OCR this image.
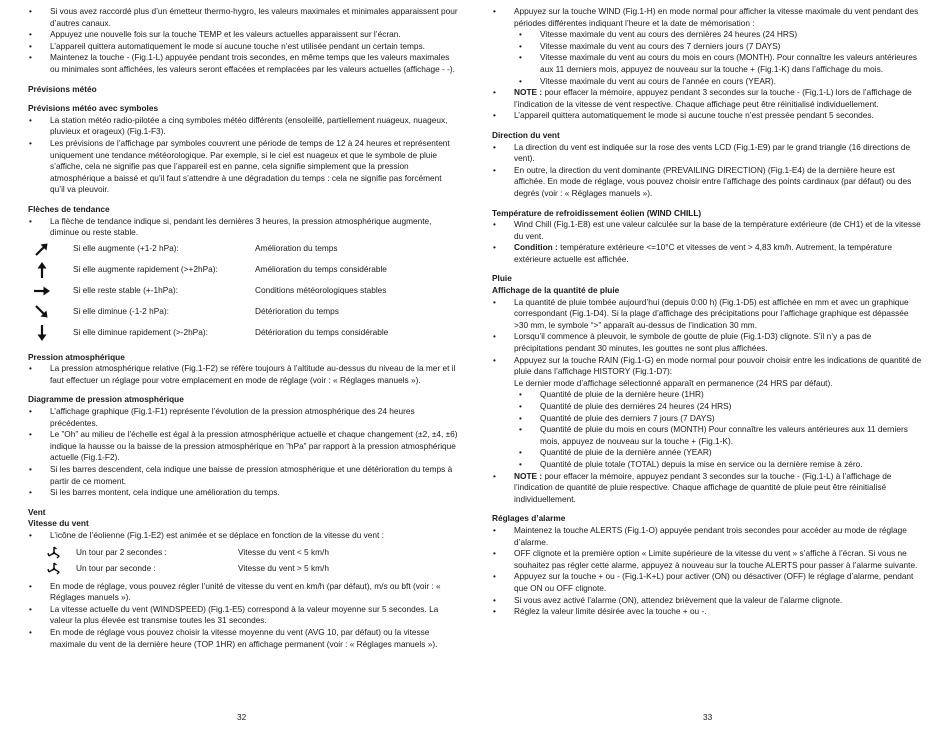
• Si vous avez raccordé plus d’un émetteur thermo-hygro, les valeurs maximales et minimales apparaissent pour d’autres canaux.

• Appuyez une nouvelle fois sur la touche TEMP et les valeurs actuelles apparaissent sur l’écran.

• L’appareil quittera automatiquement le mode si aucune touche n’est utilisée pendant un certain temps.

• Maintenez la touche - (Fig.1-L) appuyée pendant trois secondes, en même temps que les valeurs maximales ou minimales sont affichées, les valeurs seront effacées et remplacées par les valeurs actuelles (affichage - -).

Prévisions météo
Prévisions météo avec symboles

• La station météo radio-pilotée a cinq symboles météo différents (ensoleillé, partiellement nuageux, nuageux, pluvieux et orageux) (Fig.1-F3).

• Les prévisions de l’affichage par symboles couvrent une période de temps de 12 à 24 heures et représentent uniquement une tendance météorologique. Par exemple, si le ciel est nuageux et que le symbole de pluie s’affiche, cela ne signifie pas que l’appareil est en panne, cela signifie simplement que la pression atmosphérique a baissé et qu’il faut s’attendre à une dégradation du temps : cela ne signifie pas forcément qu’il va pleuvoir.

Flèches de tendance

• La flèche de tendance indique si, pendant les dernières 3 heures, la pression atmosphérique augmente, diminue ou reste stable.

Si elle augmente (+1-2 hPa):	Amélioration du temps
Si elle augmente rapidement (>+2hPa):	Amélioration du temps considérable
Si elle reste stable (+-1hPa):	Conditions météorologiques stables
Si elle diminue (-1-2 hPa):	Détérioration du temps
Si elle diminue rapidement (>-2hPa):	Détérioration du temps considérable
Pression atmosphérique

• La pression atmosphérique relative (Fig.1-F2) se réfère toujours à l’altitude au-dessus du niveau de la mer et il faut effectuer un réglage pour votre emplacement en mode de réglage (voir : « Réglages manuels »).

Diagramme de pression atmosphérique

• L’affichage graphique (Fig.1-F1) représente l’évolution de la pression atmosphérique des 24 heures précédentes.

• Le ”Oh” au milieu de l’échelle est égal à la pression atmosphérique actuelle et chaque changement (±2, ±4, ±6) indique la hausse ou la baisse de la pression atmosphérique en ”hPa” par rapport à la pression atmosphérique actuelle (Fig.1-F2).

• Si les barres descendent, cela indique une baisse de pression atmosphérique et une détérioration du temps à partir de ce moment.

• Si les barres montent, cela indique une amélioration du temps.

Vent
Vitesse du vent

• L’icône de l’éolienne (Fig.1-E2) est animée et se déplace en fonction de la vitesse du vent :

Un tour par 2 secondes :	Vitesse du vent < 5 km/h
Un tour par seconde :	Vitesse du vent > 5 km/h

• En mode de réglage, vous pouvez régler l’unité de vitesse du vent en km/h (par défaut), m/s ou bft (voir : « Réglages manuels »).

• La vitesse actuelle du vent (WINDSPEED) (Fig.1-E5) correspond à la valeur moyenne sur 5 secondes. La valeur la plus élevée est transmise toutes les 31 secondes.

• En mode de réglage vous pouvez choisir la vitesse moyenne du vent (AVG 10, par défaut) ou la vitesse maximale du vent de la dernière heure (TOP 1HR) en affichage permanent (voir : « Réglages manuels »).

• Appuyez sur la touche WIND (Fig.1-H) en mode normal pour afficher la vitesse maximale du vent pendant des périodes différentes indiquant l’heure et la date de mémorisation :

• Vitesse maximale du vent au cours des dernières 24 heures (24 HRS)

• Vitesse maximale du vent au cours des 7 derniers jours (7 DAYS)

• Vitesse maximale du vent au cours du mois en cours (MONTH). Pour connaître les valeurs antérieures aux 11 derniers mois, appuyez de nouveau sur la touche + (Fig.1-K) dans l’affichage du mois.

• Vitesse maximale du vent au cours de l’année en cours (YEAR).

• NOTE : pour effacer la mémoire, appuyez pendant 3 secondes sur la touche - (Fig.1-L) lors de l’affichage de l’indication de la vitesse de vent respective. Chaque affichage peut être réinitialisé individuellement.

• L’appareil quittera automatiquement le mode si aucune touche n’est pressée pendant 5 secondes.

Direction du vent

• La direction du vent est indiquée sur la rose des vents LCD (Fig.1-E9) par le grand triangle (16 directions de vent).

• En outre, la direction du vent dominante (PREVAILING DIRECTION) (Fig.1-E4) de la dernière heure est affichée. En mode de réglage, vous pouvez choisir entre l’affichage des points cardinaux (par défaut) ou des degrés (voir : « Réglages manuels »).

Température de refroidissement éolien (WIND CHILL)

• Wind Chill (Fig.1-E8) est une valeur calculée sur la base de la température extérieure (de CH1) et de la vitesse du vent.

• Condition : température extérieure <=10°C et vitesses de vent > 4,83 km/h. Autrement, la température extérieure actuelle est affichée.

Pluie
Affichage de la quantité de pluie

• La quantité de pluie tombée aujourd’hui (depuis 0:00 h) (Fig.1-D5) est affichée en mm et avec un graphique correspondant (Fig.1-D4). Si la plage d’affichage des précipitations pour l’affichage graphique est dépassée >30 mm, le symbole “>” apparaît au-dessus de l’indication 30 mm.

• Lorsqu’il commence à pleuvoir, le symbole de goutte de pluie (Fig.1-D3) clignote. S’il n’y a pas de précipitations pendant 30 minutes, les gouttes ne sont plus affichées.

• Appuyez sur la touche RAIN (Fig.1-G) en mode normal pour pouvoir choisir entre les indications de quantité de pluie dans l’affichage HISTORY (Fig.1-D7):

Le dernier mode d’affichage sélectionné apparaît en permanence (24 HRS par défaut).

• Quantité de pluie de la dernière heure (1HR)

• Quantité de pluie des dernières 24 heures (24 HRS)

• Quantité de pluie des derniers 7 jours (7 DAYS)

• Quantité de pluie du mois en cours (MONTH) Pour connaître les valeurs antérieures aux 11 derniers mois, appuyez de nouveau sur la touche + (Fig.1-K).

• Quantité de pluie de la dernière année (YEAR)

• Quantité de pluie totale (TOTAL) depuis la mise en service ou la dernière remise à zéro.

• NOTE : pour effacer la mémoire, appuyez pendant 3 secondes sur la touche - (Fig.1-L) à l’affichage de l’indication de quantité de pluie respective. Chaque affichage de quantité de pluie peut être réinitialisé individuellement.

Réglages d’alarme

• Maintenez la touche ALERTS (Fig.1-O) appuyée pendant trois secondes pour accéder au mode de réglage d’alarme.

• OFF clignote et la première option « Limite supérieure de la vitesse du vent » s’affiche à l’écran. Si vous ne souhaitez pas régler cette alarme, appuyez à nouveau sur la touche ALERTS pour passer à l’alarme suivante.

• Appuyez sur la touche + ou - (Fig.1-K+L) pour activer (ON) ou désactiver (OFF) le réglage d’alarme, pendant que ON ou OFF clignote.

• Si vous avez activé l’alarme (ON), attendez brièvement que la valeur de l’alarme clignote.

• Réglez la valeur limite désirée avec la touche + ou -.

32	33
